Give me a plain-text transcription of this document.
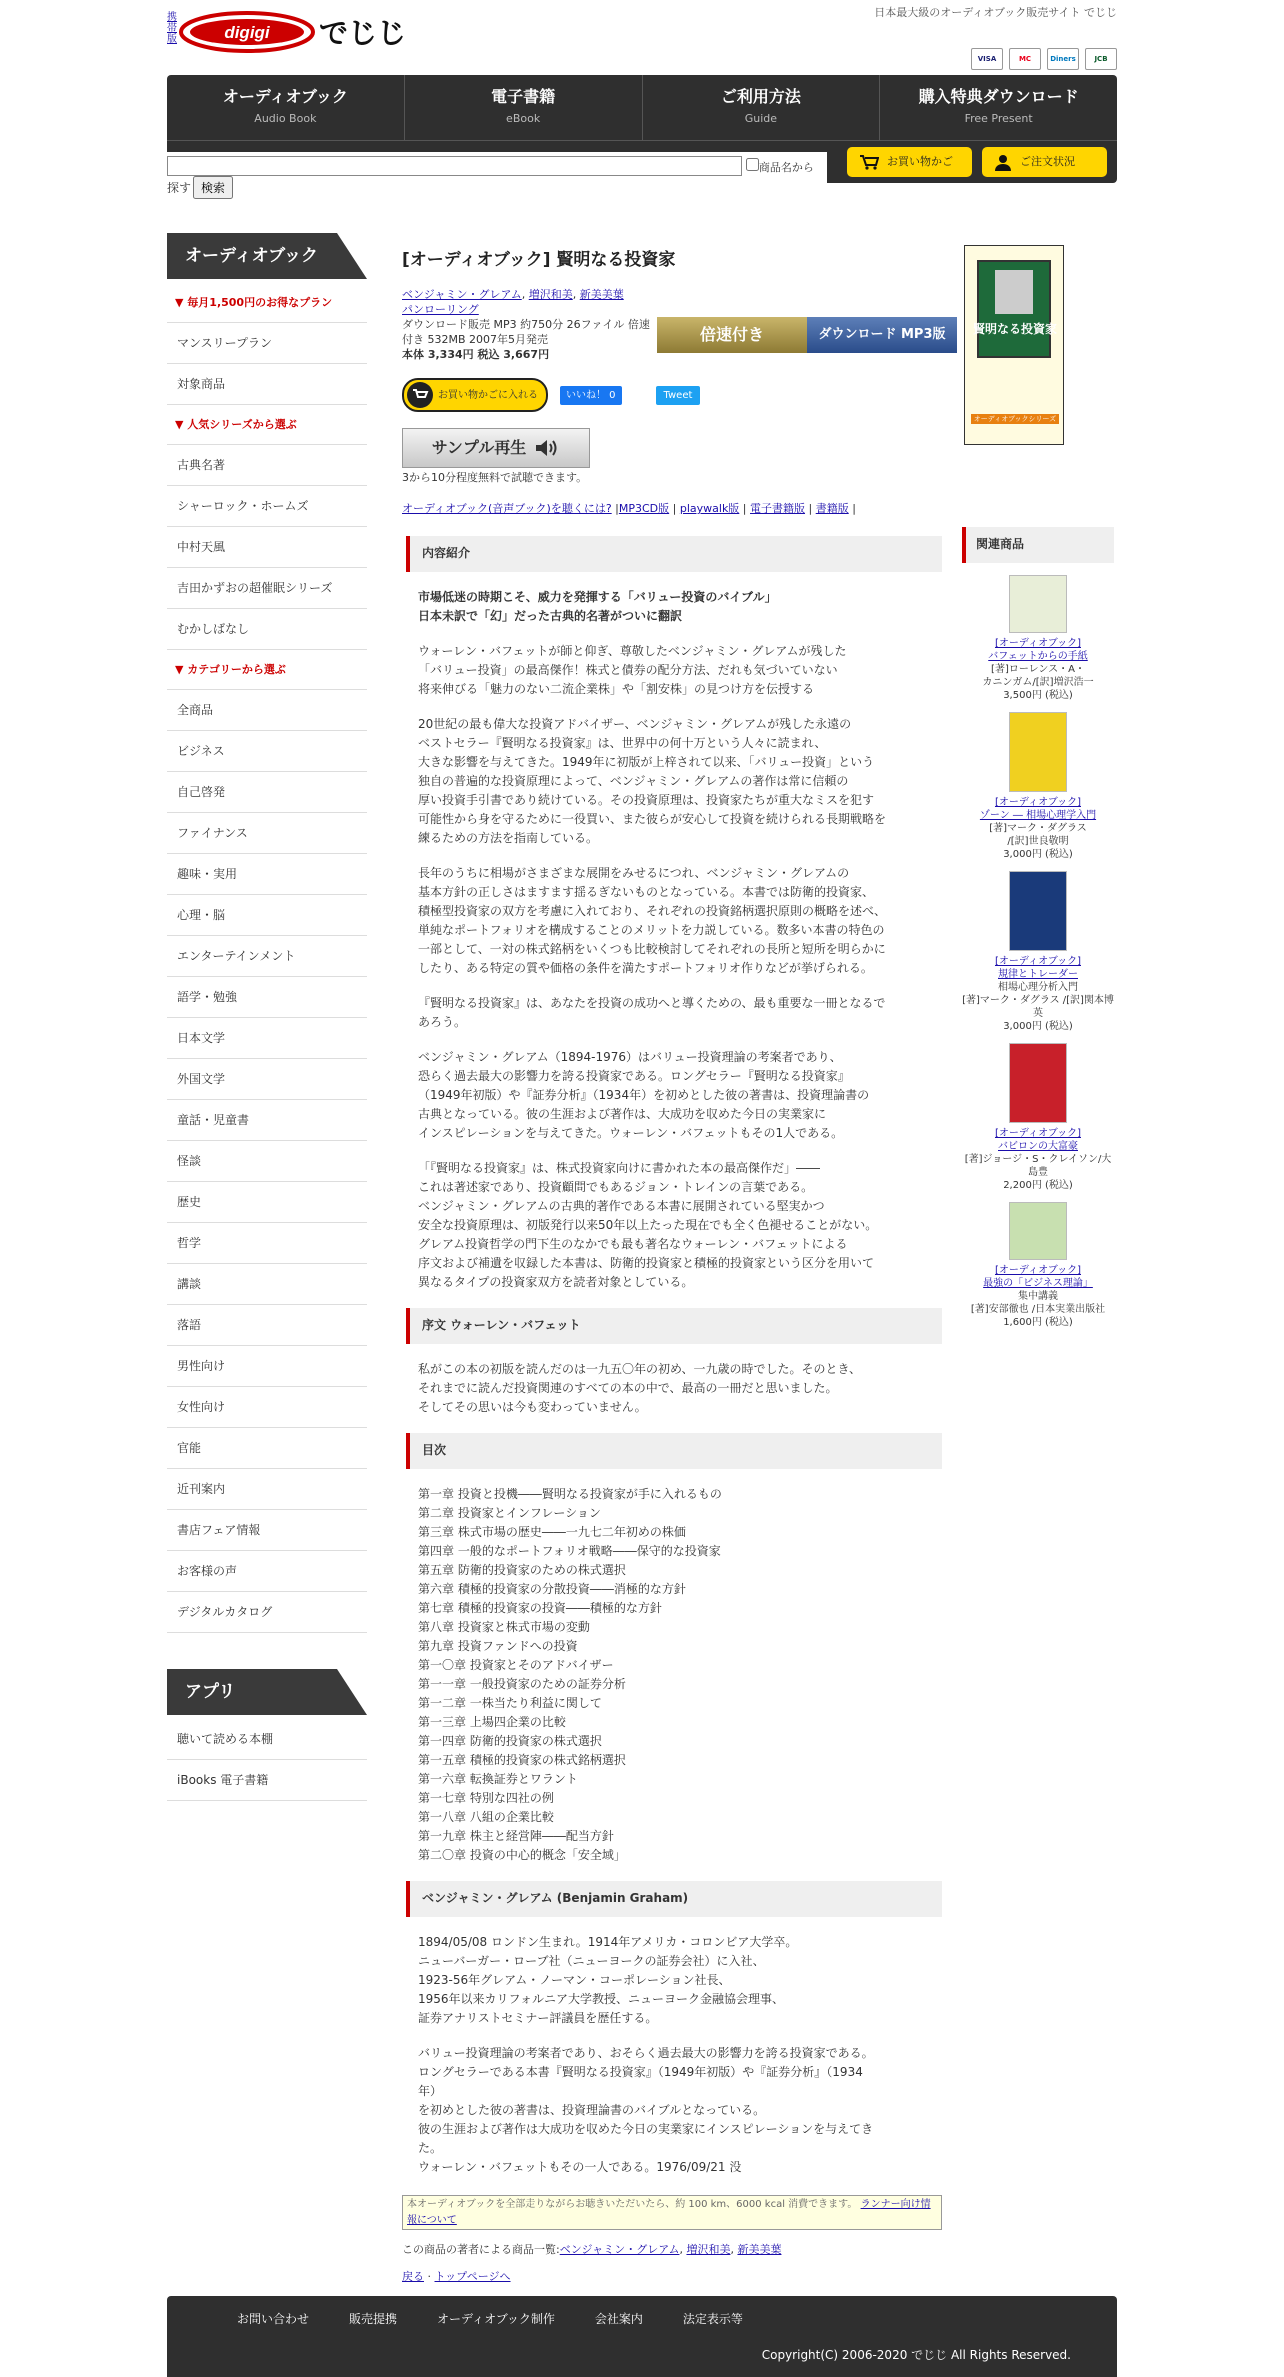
携帯版	digigi でじじ
日本最大級のオーディオブック販売サイト でじじ
VISA	MC	Diners	JCB
オーディオブック
Audio Book
電子書籍
eBook
ご利用方法
Guide
購入特典ダウンロード
Free Present
商品名から
探す 検索
お買い物かご	ご注文状況
オーディオブック
▼ 毎月1,500円のお得なプラン
マンスリープラン
対象商品
▼ 人気シリーズから選ぶ
古典名著
シャーロック・ホームズ
中村天風
吉田かずおの超催眠シリーズ
むかしばなし
▼ カテゴリーから選ぶ
全商品
ビジネス
自己啓発
ファイナンス
趣味・実用
心理・脳
エンターテインメント
語学・勉強
日本文学
外国文学
童話・児童書
怪談
歴史
哲学
講談
落語
男性向け
女性向け
官能
近刊案内
書店フェア情報
お客様の声
デジタルカタログ
アプリ
聴いて読める本棚
iBooks 電子書籍
[オーディオブック] 賢明なる投資家
ベンジャミン・グレアム, 増沢和美, 新美美葉
パンローリング
ダウンロード販売 MP3 約750分 26ファイル 倍速付き 532MB 2007年5月発売
本体 3,334円 税込 3,667円
倍速付き	ダウンロード MP3版
お買い物かごに入れる	いいね！ 0	Tweet
サンプル再生
3から10分程度無料で試聴できます。
オーディオブック(音声ブック)を聴くには? |MP3CD版 | playwalk版 | 電子書籍版 | 書籍版 |
内容紹介

市場低迷の時期こそ、威力を発揮する「バリュー投資のバイブル」
日本未訳で「幻」だった古典的名著がついに翻訳

ウォーレン・バフェットが師と仰ぎ、尊敬したベンジャミン・グレアムが残した
「バリュー投資」の最高傑作！株式と債券の配分方法、だれも気づいていない
将来伸びる「魅力のない二流企業株」や「割安株」の見つけ方を伝授する

20世紀の最も偉大な投資アドバイザー、ベンジャミン・グレアムが残した永遠の
ベストセラー『賢明なる投資家』は、世界中の何十万という人々に読まれ、
大きな影響を与えてきた。1949年に初版が上梓されて以来、「バリュー投資」という
独自の普遍的な投資原理によって、ベンジャミン・グレアムの著作は常に信頼の
厚い投資手引書であり続けている。その投資原理は、投資家たちが重大なミスを犯す
可能性から身を守るために一役買い、また彼らが安心して投資を続けられる長期戦略を
練るための方法を指南している。

長年のうちに相場がさまざまな展開をみせるにつれ、ベンジャミン・グレアムの
基本方針の正しさはますます揺るぎないものとなっている。本書では防衛的投資家、
積極型投資家の双方を考慮に入れており、それぞれの投資銘柄選択原則の概略を述べ、
単純なポートフォリオを構成することのメリットを力説している。数多い本書の特色の
一部として、一対の株式銘柄をいくつも比較検討してそれぞれの長所と短所を明らかに
したり、ある特定の質や価格の条件を満たすポートフォリオ作りなどが挙げられる。

『賢明なる投資家』は、あなたを投資の成功へと導くための、最も重要な一冊となるで
あろう。

ベンジャミン・グレアム（1894-1976）はバリュー投資理論の考案者であり、
恐らく過去最大の影響力を誇る投資家である。ロングセラー『賢明なる投資家』
（1949年初版）や『証券分析』（1934年）を初めとした彼の著書は、投資理論書の
古典となっている。彼の生涯および著作は、大成功を収めた今日の実業家に
インスピレーションを与えてきた。ウォーレン・バフェットもその1人である。

「『賢明なる投資家』は、株式投資家向けに書かれた本の最高傑作だ」――
これは著述家であり、投資顧問でもあるジョン・トレインの言葉である。
ベンジャミン・グレアムの古典的著作である本書に展開されている堅実かつ
安全な投資原理は、初版発行以来50年以上たった現在でも全く色褪せることがない。
グレアム投資哲学の門下生のなかでも最も著名なウォーレン・バフェットによる
序文および補遺を収録した本書は、防衛的投資家と積極的投資家という区分を用いて
異なるタイプの投資家双方を読者対象としている。

序文 ウォーレン・バフェット

私がこの本の初版を読んだのは一九五〇年の初め、一九歳の時でした。そのとき、
それまでに読んだ投資関連のすべての本の中で、最高の一冊だと思いました。
そしてその思いは今も変わっていません。

目次

第一章 投資と投機――賢明なる投資家が手に入れるもの
第二章 投資家とインフレーション
第三章 株式市場の歴史――一九七二年初めの株価
第四章 一般的なポートフォリオ戦略――保守的な投資家
第五章 防衛的投資家のための株式選択
第六章 積極的投資家の分散投資――消極的な方針
第七章 積極的投資家の投資――積極的な方針
第八章 投資家と株式市場の変動
第九章 投資ファンドへの投資
第一〇章 投資家とそのアドバイザー
第一一章 一般投資家のための証券分析
第一二章 一株当たり利益に関して
第一三章 上場四企業の比較
第一四章 防衛的投資家の株式選択
第一五章 積極的投資家の株式銘柄選択
第一六章 転換証券とワラント
第一七章 特別な四社の例
第一八章 八組の企業比較
第一九章 株主と経営陣――配当方針
第二〇章 投資の中心的概念「安全域」

ベンジャミン・グレアム (Benjamin Graham)

1894/05/08 ロンドン生まれ。1914年アメリカ・コロンビア大学卒。
ニューバーガー・ローブ社（ニューヨークの証券会社）に入社、
1923-56年グレアム・ノーマン・コーポレーション社長、
1956年以来カリフォルニア大学教授、ニューヨーク金融協会理事、
証券アナリストセミナー評議員を歴任する。

バリュー投資理論の考案者であり、おそらく過去最大の影響力を誇る投資家である。
ロングセラーである本書『賢明なる投資家』（1949年初版）や『証券分析』（1934
年）
を初めとした彼の著書は、投資理論書のバイブルとなっている。
彼の生涯および著作は大成功を収めた今日の実業家にインスピレーションを与えてき
た。
ウォーレン・バフェットもその一人である。1976/09/21 没

本オーディオブックを全部走りながらお聴きいただいたら、約 100 km、6000 kcal 消費できます。 ランナー向け情報について
この商品の著者による商品一覧:ベンジャミン・グレアム, 増沢和美, 新美美葉
戻る · トップページへ
賢明なる投資家
オーディオブックシリーズ
関連商品
[オーディオブック]
バフェットからの手紙
[著]ローレンス・A・
カニンガム/[訳]増沢浩一
3,500円 (税込)
[オーディオブック]
ゾーン ― 相場心理学入門
[著]マーク・ダグラス
/[訳]世良敬明
3,000円 (税込)
[オーディオブック]
規律とトレーダー
相場心理分析入門
[著]マーク・ダグラス /[訳]関本博英
3,000円 (税込)
[オーディオブック]
バビロンの大富豪
[著]ジョージ・S・クレイソン/大
島豊
2,200円 (税込)
[オーディオブック]
最強の「ビジネス理論」
集中講義
[著]安部徹也 /日本実業出版社
1,600円 (税込)
お問い合わせ	販売提携	オーディオブック制作	会社案内	法定表示等
Copyright(C) 2006-2020 でじじ All Rights Reserved.
